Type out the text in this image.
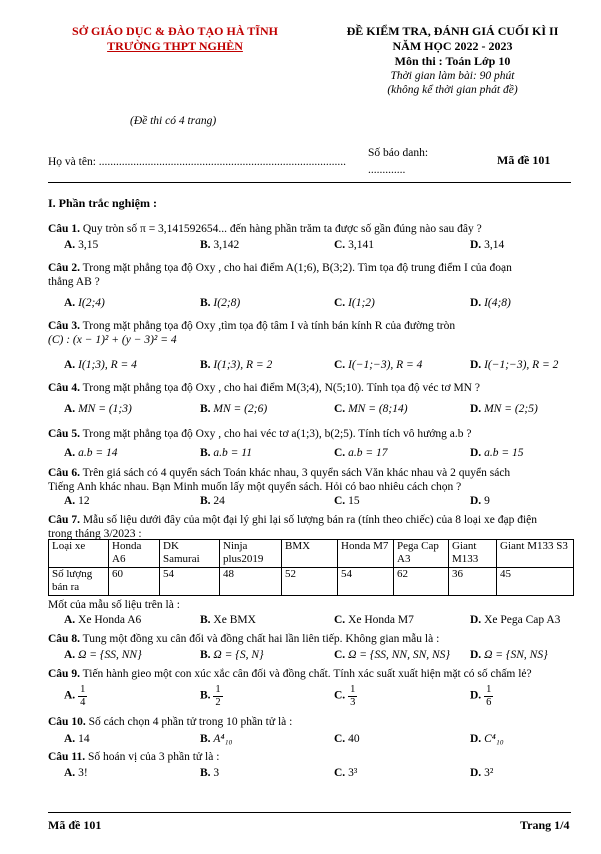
SỞ GIÁO DỤC & ĐÀO TẠO HÀ TĨNH
TRƯỜNG THPT NGHÈN
(Đề thi có 4 trang)
ĐỀ KIỂM TRA, ĐÁNH GIÁ CUỐI KÌ II
NĂM HỌC 2022 - 2023
Môn thi : Toán Lớp 10
Thời gian làm bài: 90 phút
(không kể thời gian phát đề)
Họ và tên: ......................................................................................
Số báo danh:
.............
Mã đề 101
I. Phần trắc nghiệm :
Câu 1. Quy tròn số π = 3,141592654... đến hàng phần trăm ta được số gần đúng nào sau đây ?
A. 3,15	B. 3,142	C. 3,141	D. 3,14
Câu 2. Trong mặt phẳng tọa độ Oxy , cho hai điểm A(1;6), B(3;2). Tìm tọa độ trung điểm I của đoạn
thẳng AB ?
A. I(2;4)	B. I(2;8)	C. I(1;2)	D. I(4;8)
Câu 3. Trong mặt phẳng tọa độ Oxy ,tìm tọa độ tâm I và tính bán kính R của đường tròn
(C) : (x − 1)² + (y − 3)² = 4
A. I(1;3), R = 4	B. I(1;3), R = 2	C. I(−1;−3), R = 4	D. I(−1;−3), R = 2
Câu 4. Trong mặt phẳng tọa độ Oxy , cho hai điểm M(3;4), N(5;10). Tính tọa độ véc tơ MN ?
A. MN = (1;3)	B. MN = (2;6)	C. MN = (8;14)	D. MN = (2;5)
Câu 5. Trong mặt phẳng tọa độ Oxy , cho hai véc tơ a(1;3), b(2;5). Tính tích vô hướng a.b ?
A. a.b = 14	B. a.b = 11	C. a.b = 17	D. a.b = 15
Câu 6. Trên giá sách có 4 quyển sách Toán khác nhau, 3 quyển sách Văn khác nhau và 2 quyển sách
Tiếng Anh khác nhau. Bạn Minh muốn lấy một quyển sách. Hỏi có bao nhiêu cách chọn ?
A. 12	B. 24	C. 15	D. 9
Câu 7. Mẫu số liệu dưới đây của một đại lý ghi lại số lượng bán ra (tính theo chiếc) của 8 loại xe đạp điện
trong tháng 3/2023 :
Loại xe	Honda A6	DK Samurai	Ninja plus2019	BMX	Honda M7	Pega Cap A3	Giant M133	Giant M133 S3
Số lượng bán ra	60	54	48	52	54	62	36	45
Mốt của mẫu số liệu trên là :
A. Xe Honda A6	B. Xe BMX	C. Xe Honda M7	D. Xe Pega Cap A3
Câu 8. Tung một đồng xu cân đối và đồng chất hai lần liên tiếp. Không gian mẫu là :
A. Ω = {SS, NN}	B. Ω = {S, N}	C. Ω = {SS, NN, SN, NS} D. Ω = {SN, NS}
Câu 9. Tiến hành gieo một con xúc xắc cân đối và đồng chất. Tính xác suất xuất hiện mặt có số chấm lẻ?
A. $\frac{1}{4}$	B. $\frac{1}{2}$	C. $\frac{1}{3}$	D. $\frac{1}{6}$
Câu 10. Số cách chọn 4 phần tử trong 10 phần tử là :
A. 14	B. A⁴₁₀	C. 40	D. C⁴₁₀
Câu 11. Số hoán vị của 3 phần tử là :
A. 3!	B. 3	C. 3³	D. 3²
Mã đề 101	Trang 1/4
